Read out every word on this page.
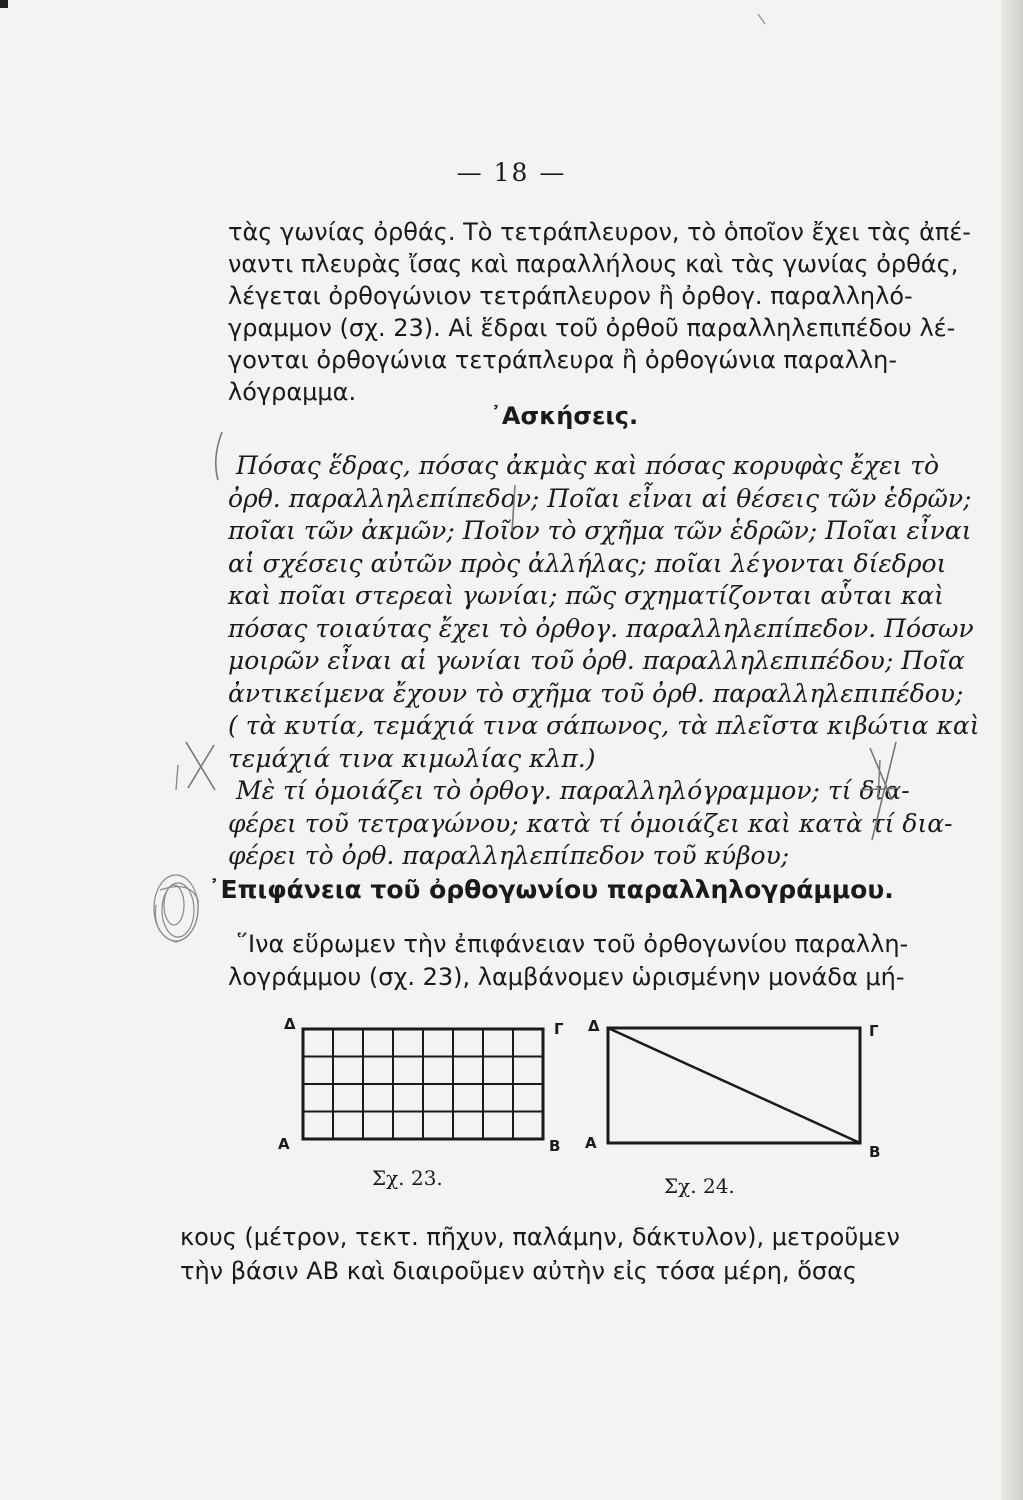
— 18 —
τὰς γωνίας ὀρθάς. Τὸ τετράπλευρον, τὸ ὁποῖον ἔχει τὰς ἀπέ-
ναντι πλευρὰς ἴσας καὶ παραλλήλους καὶ τὰς γωνίας ὀρθάς,
λέγεται ὀρθογώνιον τετράπλευρον ἢ ὀρθογ. παραλληλό-
γραμμον (σχ. 23). Αἱ ἕδραι τοῦ ὀρθοῦ παραλληλεπιπέδου λέ-
γονται ὀρθογώνια τετράπλευρα ἢ ὀρθογώνια παραλλη-
λόγραμμα.
᾿Ασκήσεις.
Πόσας ἕδρας, πόσας ἀκμὰς καὶ πόσας κορυφὰς ἔχει τὸ
ὀρθ. παραλληλεπίπεδον; Ποῖαι εἶναι αἱ θέσεις τῶν ἑδρῶν;
ποῖαι τῶν ἀκμῶν; Ποῖον τὸ σχῆμα τῶν ἑδρῶν; Ποῖαι εἶναι
αἱ σχέσεις αὐτῶν πρὸς ἀλλήλας; ποῖαι λέγονται δίεδροι
καὶ ποῖαι στερεαὶ γωνίαι; πῶς σχηματίζονται αὗται καὶ
πόσας τοιαύτας ἔχει τὸ ὀρθογ. παραλληλεπίπεδον. Πόσων
μοιρῶν εἶναι αἱ γωνίαι τοῦ ὀρθ. παραλληλεπιπέδου; Ποῖα
ἀντικείμενα ἔχουν τὸ σχῆμα τοῦ ὀρθ. παραλληλεπιπέδου;
( τὰ κυτία, τεμάχιά τινα σάπωνος, τὰ πλεῖστα κιβώτια καὶ
τεμάχιά τινα κιμωλίας κλπ.)
Μὲ τί ὁμοιάζει τὸ ὀρθογ. παραλληλόγραμμον; τί δια-
φέρει τοῦ τετραγώνου; κατὰ τί ὁμοιάζει καὶ κατὰ τί δια-
φέρει τὸ ὀρθ. παραλληλεπίπεδον τοῦ κύβου;
᾿Επιφάνεια τοῦ ὀρθογωνίου παραλληλογράμμου.
῞Ινα εὕρωμεν τὴν ἐπιφάνειαν τοῦ ὀρθογωνίου παραλλη-
λογράμμου (σχ. 23), λαμβάνομεν ὡρισμένην μονάδα μή-
Δ	Γ
Α	Β
Σχ. 23.
Δ	Γ
Α	Β
Σχ. 24.
κους (μέτρον, τεκτ. πῆχυν, παλάμην, δάκτυλον), μετροῦμεν
τὴν βάσιν ΑΒ καὶ διαιροῦμεν αὐτὴν εἰς τόσα μέρη, ὅσας
